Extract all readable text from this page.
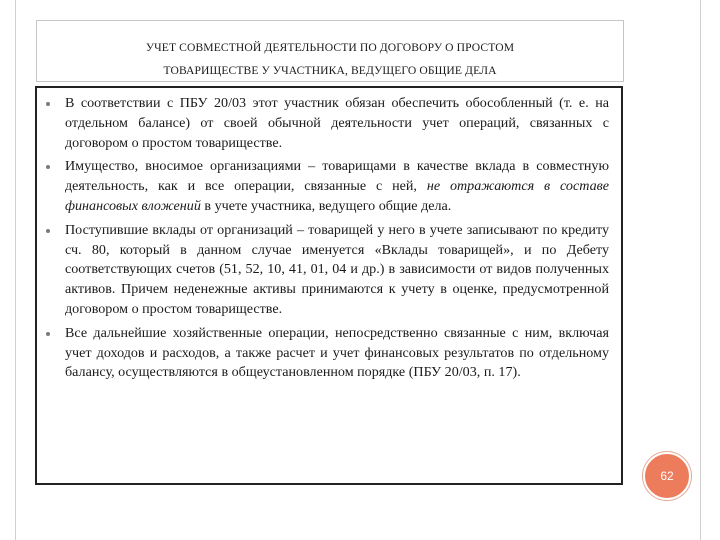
УЧЕТ СОВМЕСТНОЙ ДЕЯТЕЛЬНОСТИ ПО ДОГОВОРУ О ПРОСТОМ
ТОВАРИЩЕСТВЕ У УЧАСТНИКА, ВЕДУЩЕГО ОБЩИЕ ДЕЛА
В соответствии с ПБУ 20/03 этот участник обязан обеспечить обособленный (т. е. на отдельном балансе) от своей обычной деятельности учет операций, связанных с договором о простом товариществе.
Имущество, вносимое организациями – товарищами в качестве вклада в совместную деятельность, как и все операции, связанные с ней, не отражаются в составе финансовых вложений в учете участника, ведущего общие дела.
Поступившие вклады от организаций – товарищей у него в учете записывают по кредиту сч. 80, который в данном случае именуется «Вклады товарищей», и по Дебету соответствующих счетов (51, 52, 10, 41, 01, 04 и др.) в зависимости от видов полученных активов. Причем неденежные активы принимаются к учету в оценке, предусмотренной договором о простом товариществе.
Все дальнейшие хозяйственные операции, непосредственно связанные с ним, включая учет доходов и расходов, а также расчет и учет финансовых результатов по отдельному балансу, осуществляются в общеустановленном порядке (ПБУ 20/03, п. 17).
62
